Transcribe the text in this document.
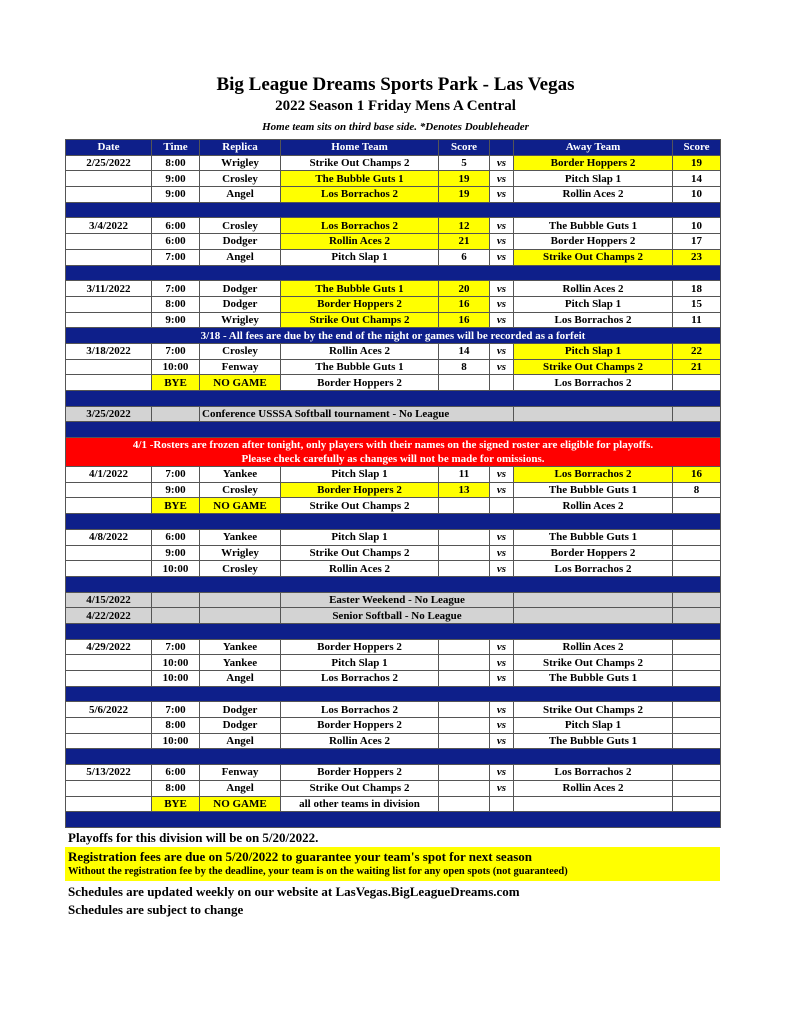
Big League Dreams Sports Park - Las Vegas
2022 Season 1 Friday Mens A Central
Home team sits on third base side. *Denotes Doubleheader
Date	Time	Replica	Home Team	Score		Away Team	Score
2/25/2022	8:00	Wrigley	Strike Out Champs 2	5	vs	Border Hoppers 2	19
	9:00	Crosley	The Bubble Guts 1	19	vs	Pitch Slap 1	14
	9:00	Angel	Los Borrachos 2	19	vs	Rollin Aces 2	10

3/4/2022	6:00	Crosley	Los Borrachos 2	12	vs	The Bubble Guts 1	10
	6:00	Dodger	Rollin Aces 2	21	vs	Border Hoppers 2	17
	7:00	Angel	Pitch Slap 1	6	vs	Strike Out Champs 2	23

3/11/2022	7:00	Dodger	The Bubble Guts 1	20	vs	Rollin Aces 2	18
	8:00	Dodger	Border Hoppers 2	16	vs	Pitch Slap 1	15
	9:00	Wrigley	Strike Out Champs 2	16	vs	Los Borrachos 2	11

3/18 - All fees are due by the end of the night or games will be recorded as a forfeit							

3/18/2022	7:00	Crosley	Rollin Aces 2	14	vs	Pitch Slap 1	22
	10:00	Fenway	The Bubble Guts 1	8	vs	Strike Out Champs 2	21
	BYE	NO GAME	Border Hoppers 2			Los Borrachos 2	

3/25/2022		Conference USSSA Softball tournament - No League					

4/1 -Rosters are frozen after tonight, only players with their names on the signed roster are eligible for playoffs.
Please check carefully as changes will not be made for omissions.							

4/1/2022	7:00	Yankee	Pitch Slap 1	11	vs	Los Borrachos 2	16
	9:00	Crosley	Border Hoppers 2	13	vs	The Bubble Guts 1	8
	BYE	NO GAME	Strike Out Champs 2			Rollin Aces 2	

4/8/2022	6:00	Yankee	Pitch Slap 1		vs	The Bubble Guts 1	
	9:00	Wrigley	Strike Out Champs 2		vs	Border Hoppers 2	
	10:00	Crosley	Rollin Aces 2		vs	Los Borrachos 2	

4/15/2022			Easter Weekend - No League				
4/22/2022			Senior Softball - No League				

4/29/2022	7:00	Yankee	Border Hoppers 2		vs	Rollin Aces 2	
	10:00	Yankee	Pitch Slap 1		vs	Strike Out Champs 2	
	10:00	Angel	Los Borrachos 2		vs	The Bubble Guts 1	

5/6/2022	7:00	Dodger	Los Borrachos 2		vs	Strike Out Champs 2	
	8:00	Dodger	Border Hoppers 2		vs	Pitch Slap 1	
	10:00	Angel	Rollin Aces 2		vs	The Bubble Guts 1	

5/13/2022	6:00	Fenway	Border Hoppers 2		vs	Los Borrachos 2	
	8:00	Angel	Strike Out Champs 2		vs	Rollin Aces 2	
	BYE	NO GAME	all other teams in division				

Playoffs for this division will be on 5/20/2022.
Registration fees are due on 5/20/2022 to guarantee your team's spot for next season
Without the registration fee by the deadline, your team is on the waiting list for any open spots (not guaranteed)
Schedules are updated weekly on our website at LasVegas.BigLeagueDreams.com
Schedules are subject to change
